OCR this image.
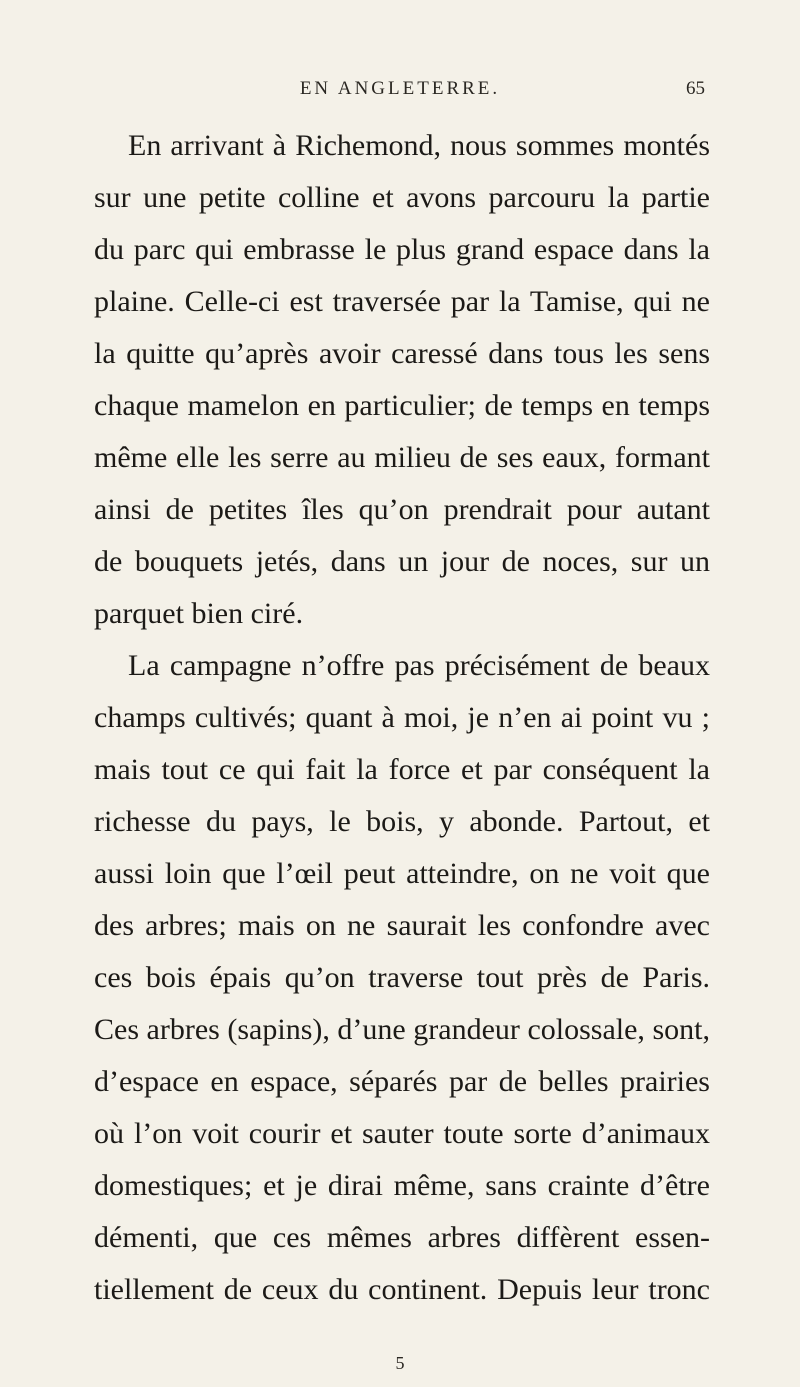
EN ANGLETERRE.	65
En arrivant à Richemond, nous sommes montés
sur une petite colline et avons parcouru la partie
du parc qui embrasse le plus grand espace dans la
plaine. Celle-ci est traversée par la Tamise, qui ne
la quitte qu’après avoir caressé dans tous les sens
chaque mamelon en particulier; de temps en temps
même elle les serre au milieu de ses eaux, formant
ainsi de petites îles qu’on prendrait pour autant
de bouquets jetés, dans un jour de noces, sur un
parquet bien ciré.
La campagne n’offre pas précisément de beaux
champs cultivés; quant à moi, je n’en ai point vu ;
mais tout ce qui fait la force et par conséquent la
richesse du pays, le bois, y abonde. Partout, et
aussi loin que l’œil peut atteindre, on ne voit que
des arbres; mais on ne saurait les confondre avec
ces bois épais qu’on traverse tout près de Paris.
Ces arbres (sapins), d’une grandeur colossale, sont,
d’espace en espace, séparés par de belles prairies
où l’on voit courir et sauter toute sorte d’animaux
domestiques; et je dirai même, sans crainte d’être
démenti, que ces mêmes arbres diffèrent essen-
tiellement de ceux du continent. Depuis leur tronc
5
